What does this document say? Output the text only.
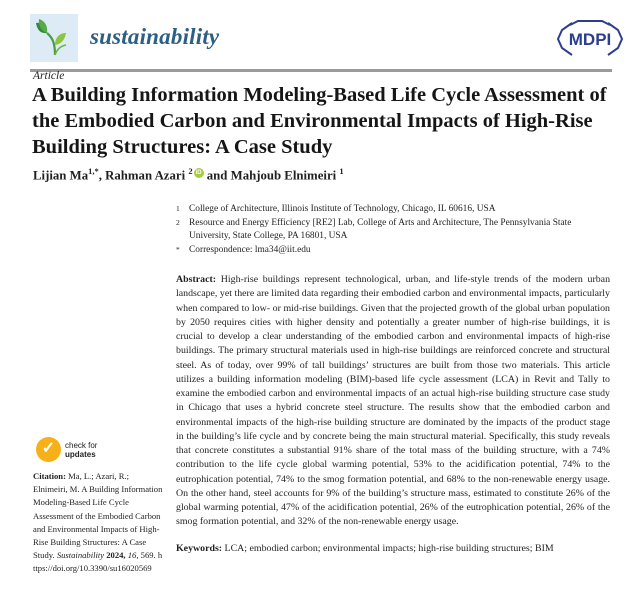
sustainability	MDPI
Article
A Building Information Modeling-Based Life Cycle Assessment of the Embodied Carbon and Environmental Impacts of High-Rise Building Structures: A Case Study
Lijian $Ma^{1,*}$, Rahman Azari $^2$ iD and Mahjoub Elnimeiri $^1$
1 College of Architecture, Illinois Institute of Technology, Chicago, IL 60616, USA
2 Resource and Energy Efficiency [RE2] Lab, College of Arts and Architecture, The Pennsylvania State University, State College, PA 16801, USA
* Correspondence: lma34@iit.edu

Abstract: High-rise buildings represent technological, urban, and life-style trends of the modern urban landscape, yet there are limited data regarding their embodied carbon and environmental impacts, particularly when compared to low- or mid-rise buildings. Given that the projected growth of the global urban population by 2050 requires cities with higher density and potentially a greater number of high-rise buildings, it is crucial to develop a clear understanding of the embodied carbon and environmental impacts of high-rise buildings. The primary structural materials used in high-rise buildings are reinforced concrete and structural steel. As of today, over 99% of tall buildings’ structures are built from those two materials. This article utilizes a building information modeling (BIM)-based life cycle assessment (LCA) in Revit and Tally to examine the embodied carbon and environmental impacts of an actual high-rise building structure case study in Chicago that uses a hybrid concrete steel structure. The results show that the embodied carbon and environmental impacts of the high-rise building structure are dominated by the impacts of the product stage in the building’s life cycle and by concrete being the main structural material. Specifically, this study reveals that concrete constitutes a substantial 91% share of the total mass of the building structure, with a 74% contribution to the life cycle global warming potential, 53% to the acidification potential, 74% to the eutrophication potential, 74% to the smog formation potential, and 68% to the non-renewable energy usage. On the other hand, steel accounts for 9% of the building’s structure mass, estimated to constitute 26% of the global warming potential, 47% of the acidification potential, 26% of the eutrophication potential, 26% of the smog formation potential, and 32% of the non-renewable energy usage.

Keywords: LCA; embodied carbon; environmental impacts; high-rise building structures; BIM

✓ check for
updates
Citation: Ma, L.; Azari, R.; Elnimeiri, M. A Building Information Modeling-Based Life Cycle Assessment of the Embodied Carbon and Environmental Impacts of High-Rise Building Structures: A Case Study. Sustainability 2024, 16, 569. https://doi.org/10.3390/su16020569
